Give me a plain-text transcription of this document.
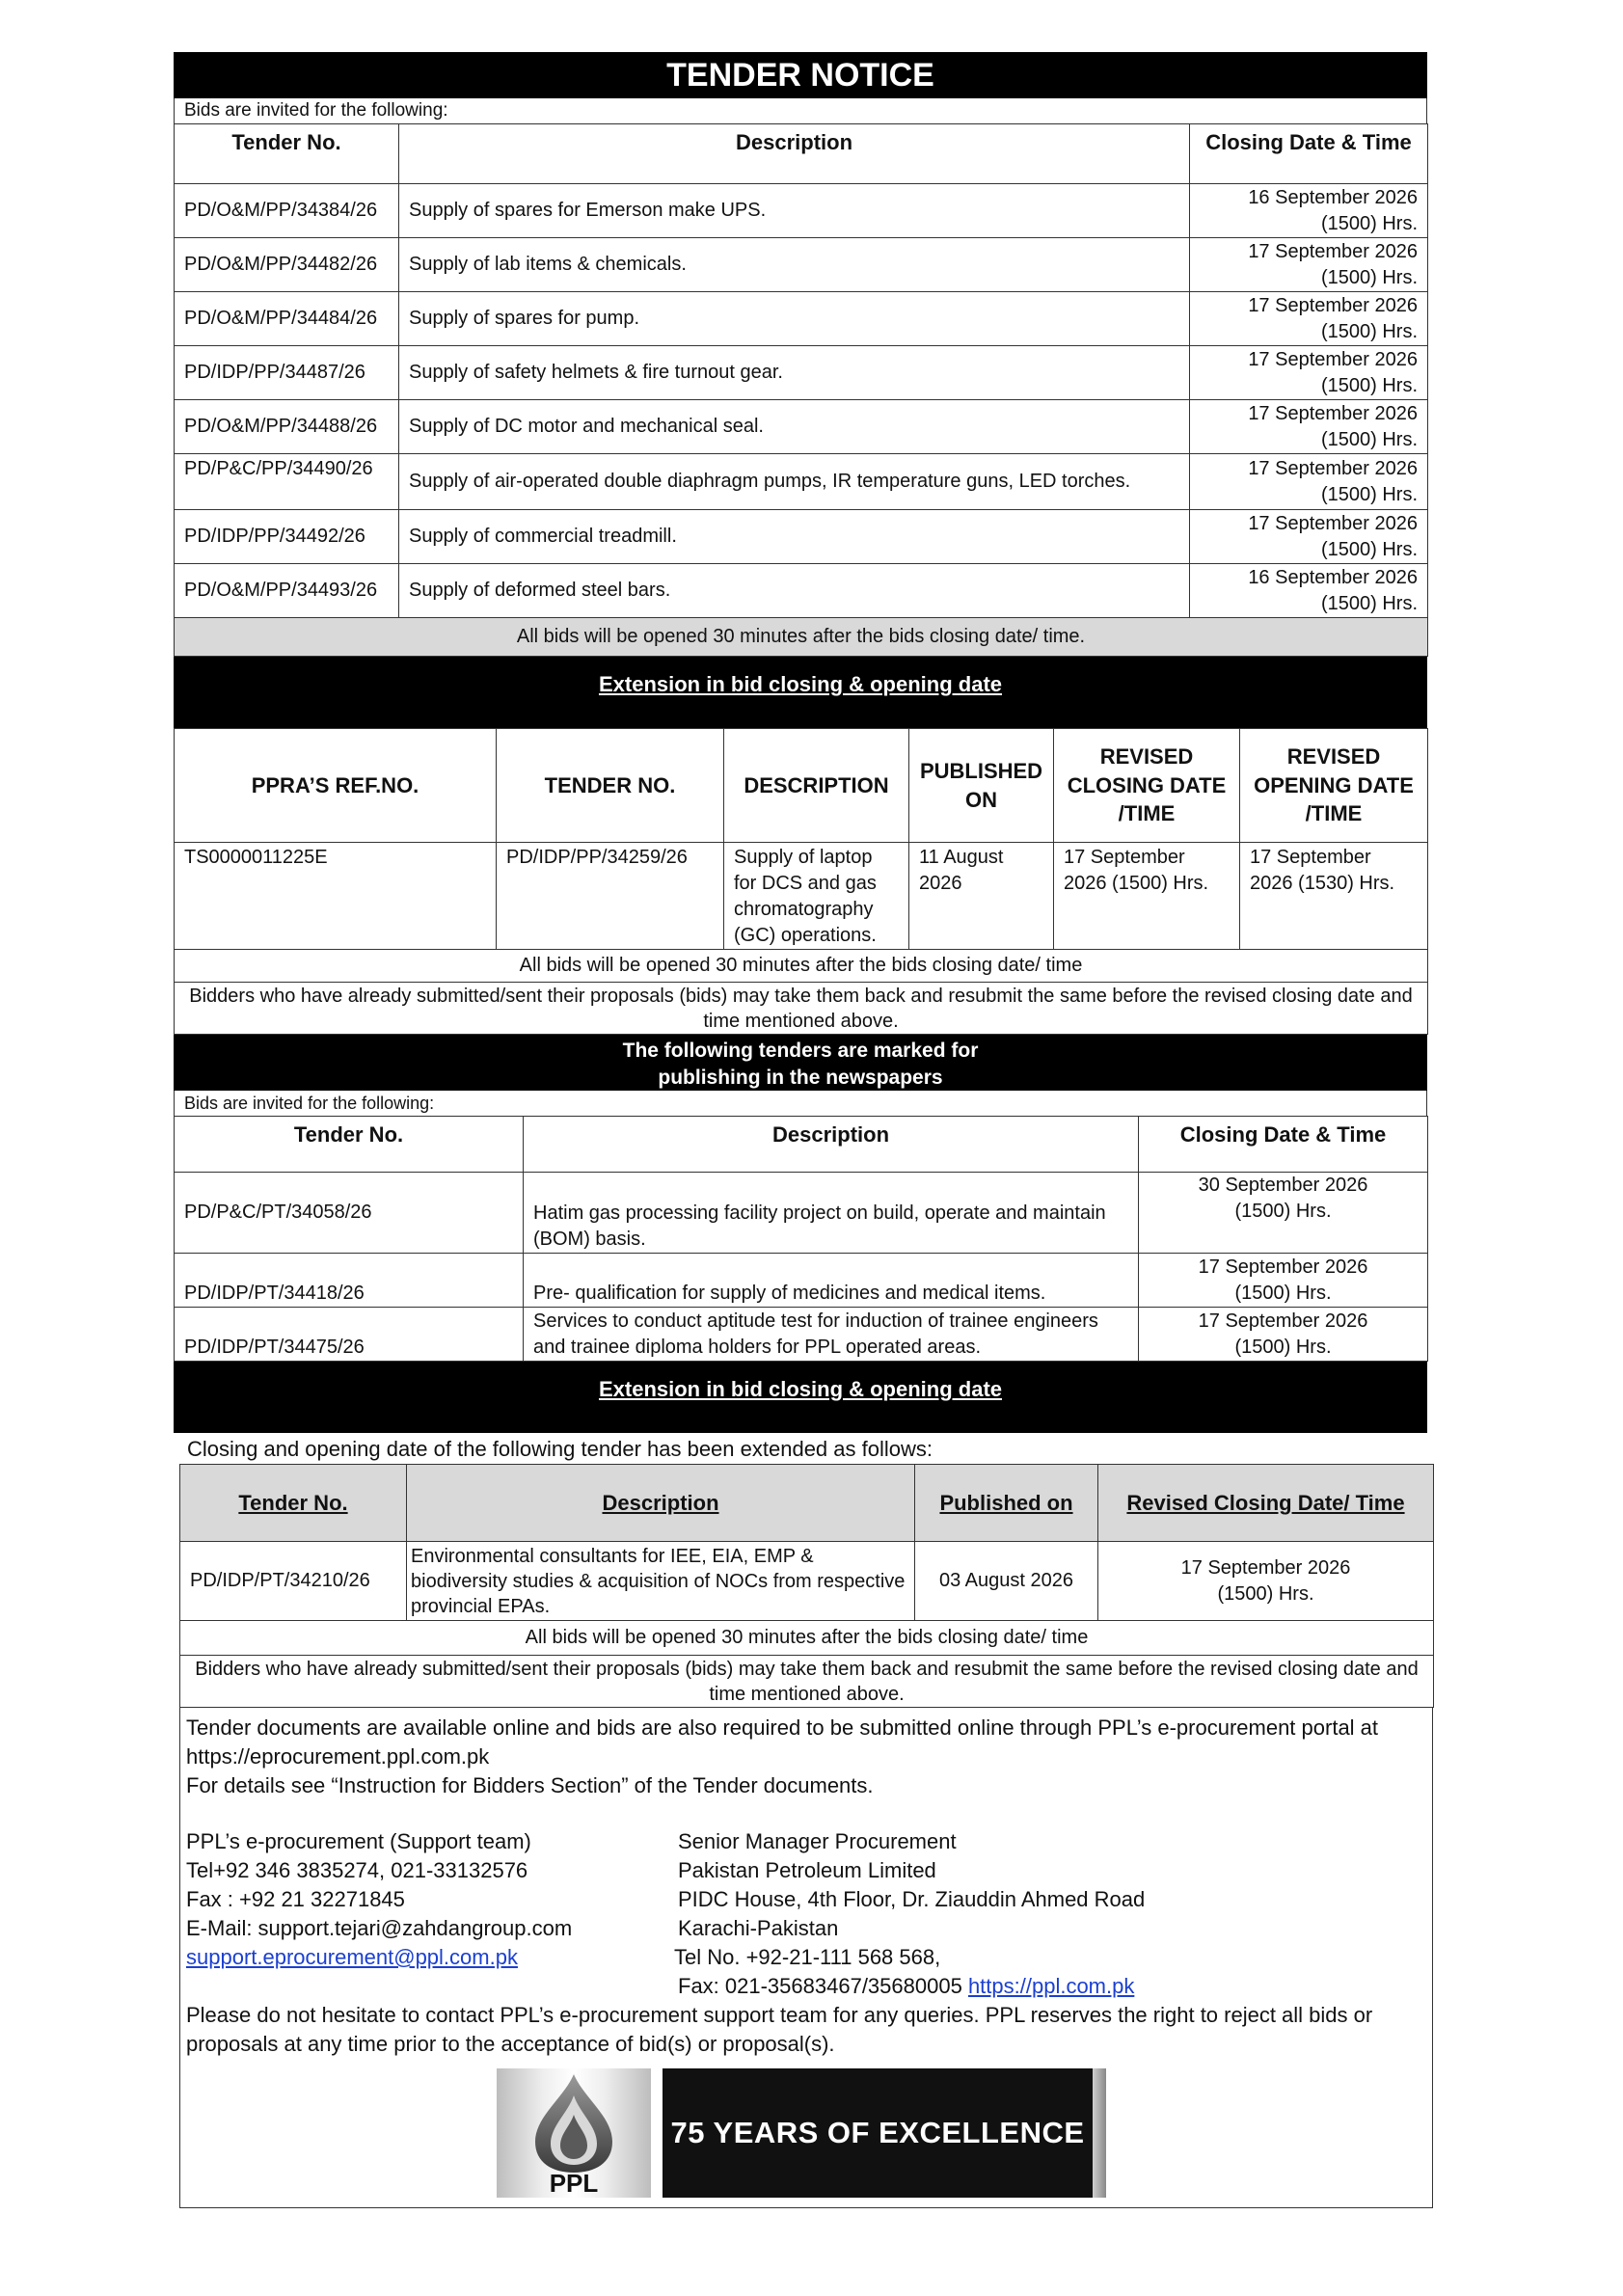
TENDER NOTICE
Bids are invited for the following:
Tender No.	Description	Closing Date & Time
PD/O&M/PP/34384/26	Supply of spares for Emerson make UPS.	16 September 2026
(1500) Hrs.

PD/O&M/PP/34482/26	Supply of lab items & chemicals.	17 September 2026
(1500) Hrs.

PD/O&M/PP/34484/26	Supply of spares for pump.	17 September 2026
(1500) Hrs.

PD/IDP/PP/34487/26	Supply of safety helmets & fire turnout gear.	17 September 2026
(1500) Hrs.

PD/O&M/PP/34488/26	Supply of DC motor and mechanical seal.	17 September 2026
(1500) Hrs.

PD/P&C/PP/34490/26	Supply of air-operated double diaphragm pumps, IR temperature guns, LED torches.	17 September 2026
(1500) Hrs.

PD/IDP/PP/34492/26	Supply of commercial treadmill.	17 September 2026
(1500) Hrs.

PD/O&M/PP/34493/26	Supply of deformed steel bars.	16 September 2026
(1500) Hrs.

All bids will be opened 30 minutes after the bids closing date/ time.		
Extension in bid closing & opening date
PPRA’S REF.NO.	TENDER NO.	DESCRIPTION	PUBLISHED ON	REVISED CLOSING DATE /TIME	REVISED OPENING DATE /TIME
TS0000011225E	PD/IDP/PP/34259/26	Supply of laptop for DCS and gas chromatography (GC) operations.	11 August 2026	17 September 2026 (1500) Hrs.	17 September 2026 (1530) Hrs.
All bids will be opened 30 minutes after the bids closing date/ time					
Bidders who have already submitted/sent their proposals (bids) may take them back and resubmit the same before the revised closing date and time mentioned above.					
The following tenders are marked for
publishing in the newspapers
Bids are invited for the following:
Tender No.	Description	Closing Date & Time
PD/P&C/PT/34058/26	Hatim gas processing facility project on build, operate and maintain (BOM) basis.	30 September 2026
(1500) Hrs.

PD/IDP/PT/34418/26	Pre- qualification for supply of medicines and medical items.	17 September 2026
(1500) Hrs.

PD/IDP/PT/34475/26	Services to conduct aptitude test for induction of trainee engineers and trainee diploma holders for PPL operated areas.	17 September 2026
(1500) Hrs.
Extension in bid closing & opening date
Closing and opening date of the following tender has been extended as follows:
Tender No.	Description	Published on	Revised Closing Date/ Time
PD/IDP/PT/34210/26	Environmental consultants for IEE, EIA, EMP & biodiversity studies & acquisition of NOCs from respective provincial EPAs.	03 August 2026	17 September 2026
(1500) Hrs.

All bids will be opened 30 minutes after the bids closing date/ time			
Bidders who have already submitted/sent their proposals (bids) may take them back and resubmit the same before the revised closing date and time mentioned above.			
Tender documents are available online and bids are also required to be submitted online through PPL’s e-procurement portal at https://eprocurement.ppl.com.pk
For details see “Instruction for Bidders Section” of the Tender documents.
PPL’s e-procurement (Support team)
Tel+92 346 3835274, 021-33132576
Fax : +92 21 32271845
E-Mail: support.tejari@zahdangroup.com
support.eprocurement@ppl.com.pk
Senior Manager Procurement
Pakistan Petroleum Limited
PIDC House, 4th Floor, Dr. Ziauddin Ahmed Road
Karachi-Pakistan
Tel No. +92-21-111 568 568,
Fax: 021-35683467/35680005 https://ppl.com.pk
Please do not hesitate to contact PPL’s e-procurement support team for any queries. PPL reserves the right to reject all bids or proposals at any time prior to the acceptance of bid(s) or proposal(s).
PPL
75 YEARS OF EXCELLENCE
